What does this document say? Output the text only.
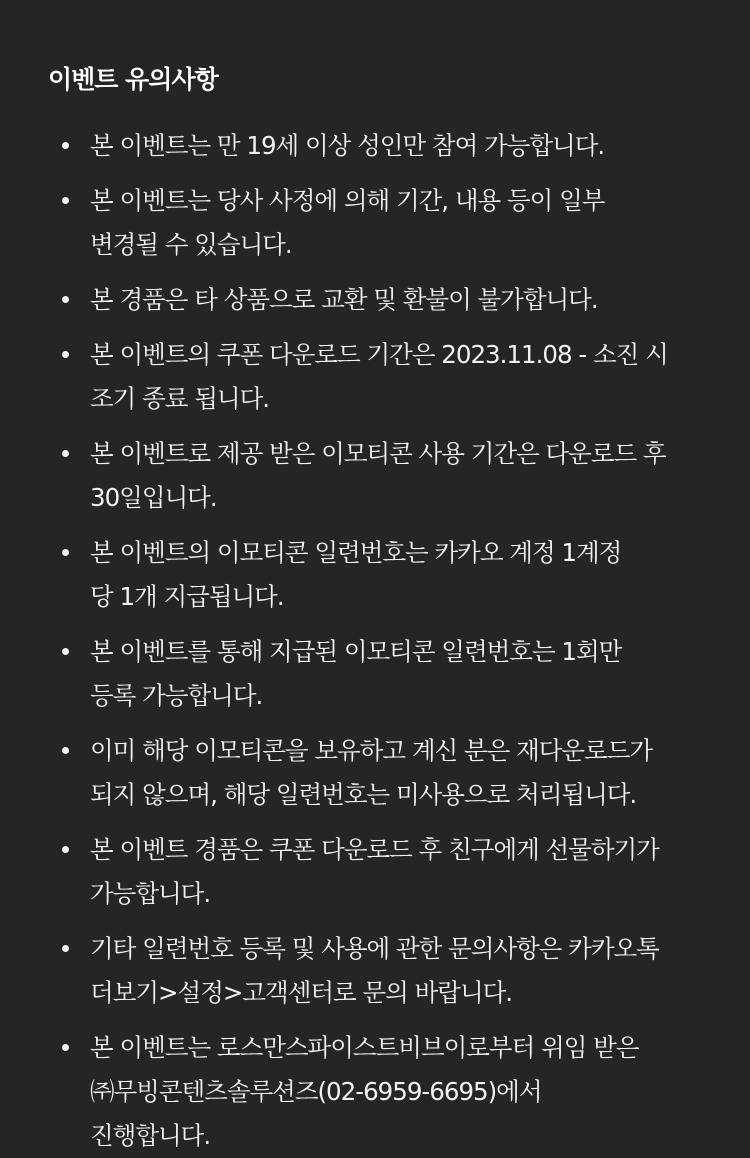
이벤트 유의사항
본 이벤트는 만 19세 이상 성인만 참여 가능합니다.
본 이벤트는 당사 사정에 의해 기간, 내용 등이 일부
변경될 수 있습니다.
본 경품은 타 상품으로 교환 및 환불이 불가합니다.
본 이벤트의 쿠폰 다운로드 기간은 2023.11.08 - 소진 시
조기 종료 됩니다.
본 이벤트로 제공 받은 이모티콘 사용 기간은 다운로드 후
30일입니다.
본 이벤트의 이모티콘 일련번호는 카카오 계정 1계정
당 1개 지급됩니다.
본 이벤트를 통해 지급된 이모티콘 일련번호는 1회만
등록 가능합니다.
이미 해당 이모티콘을 보유하고 계신 분은 재다운로드가
되지 않으며, 해당 일련번호는 미사용으로 처리됩니다.
본 이벤트 경품은 쿠폰 다운로드 후 친구에게 선물하기가
가능합니다.
기타 일련번호 등록 및 사용에 관한 문의사항은 카카오톡
더보기>설정>고객센터로 문의 바랍니다.
본 이벤트는 로스만스파이스트비브이로부터 위임 받은
㈜무빙콘텐츠솔루션즈(02-6959-6695)에서
진행합니다.
